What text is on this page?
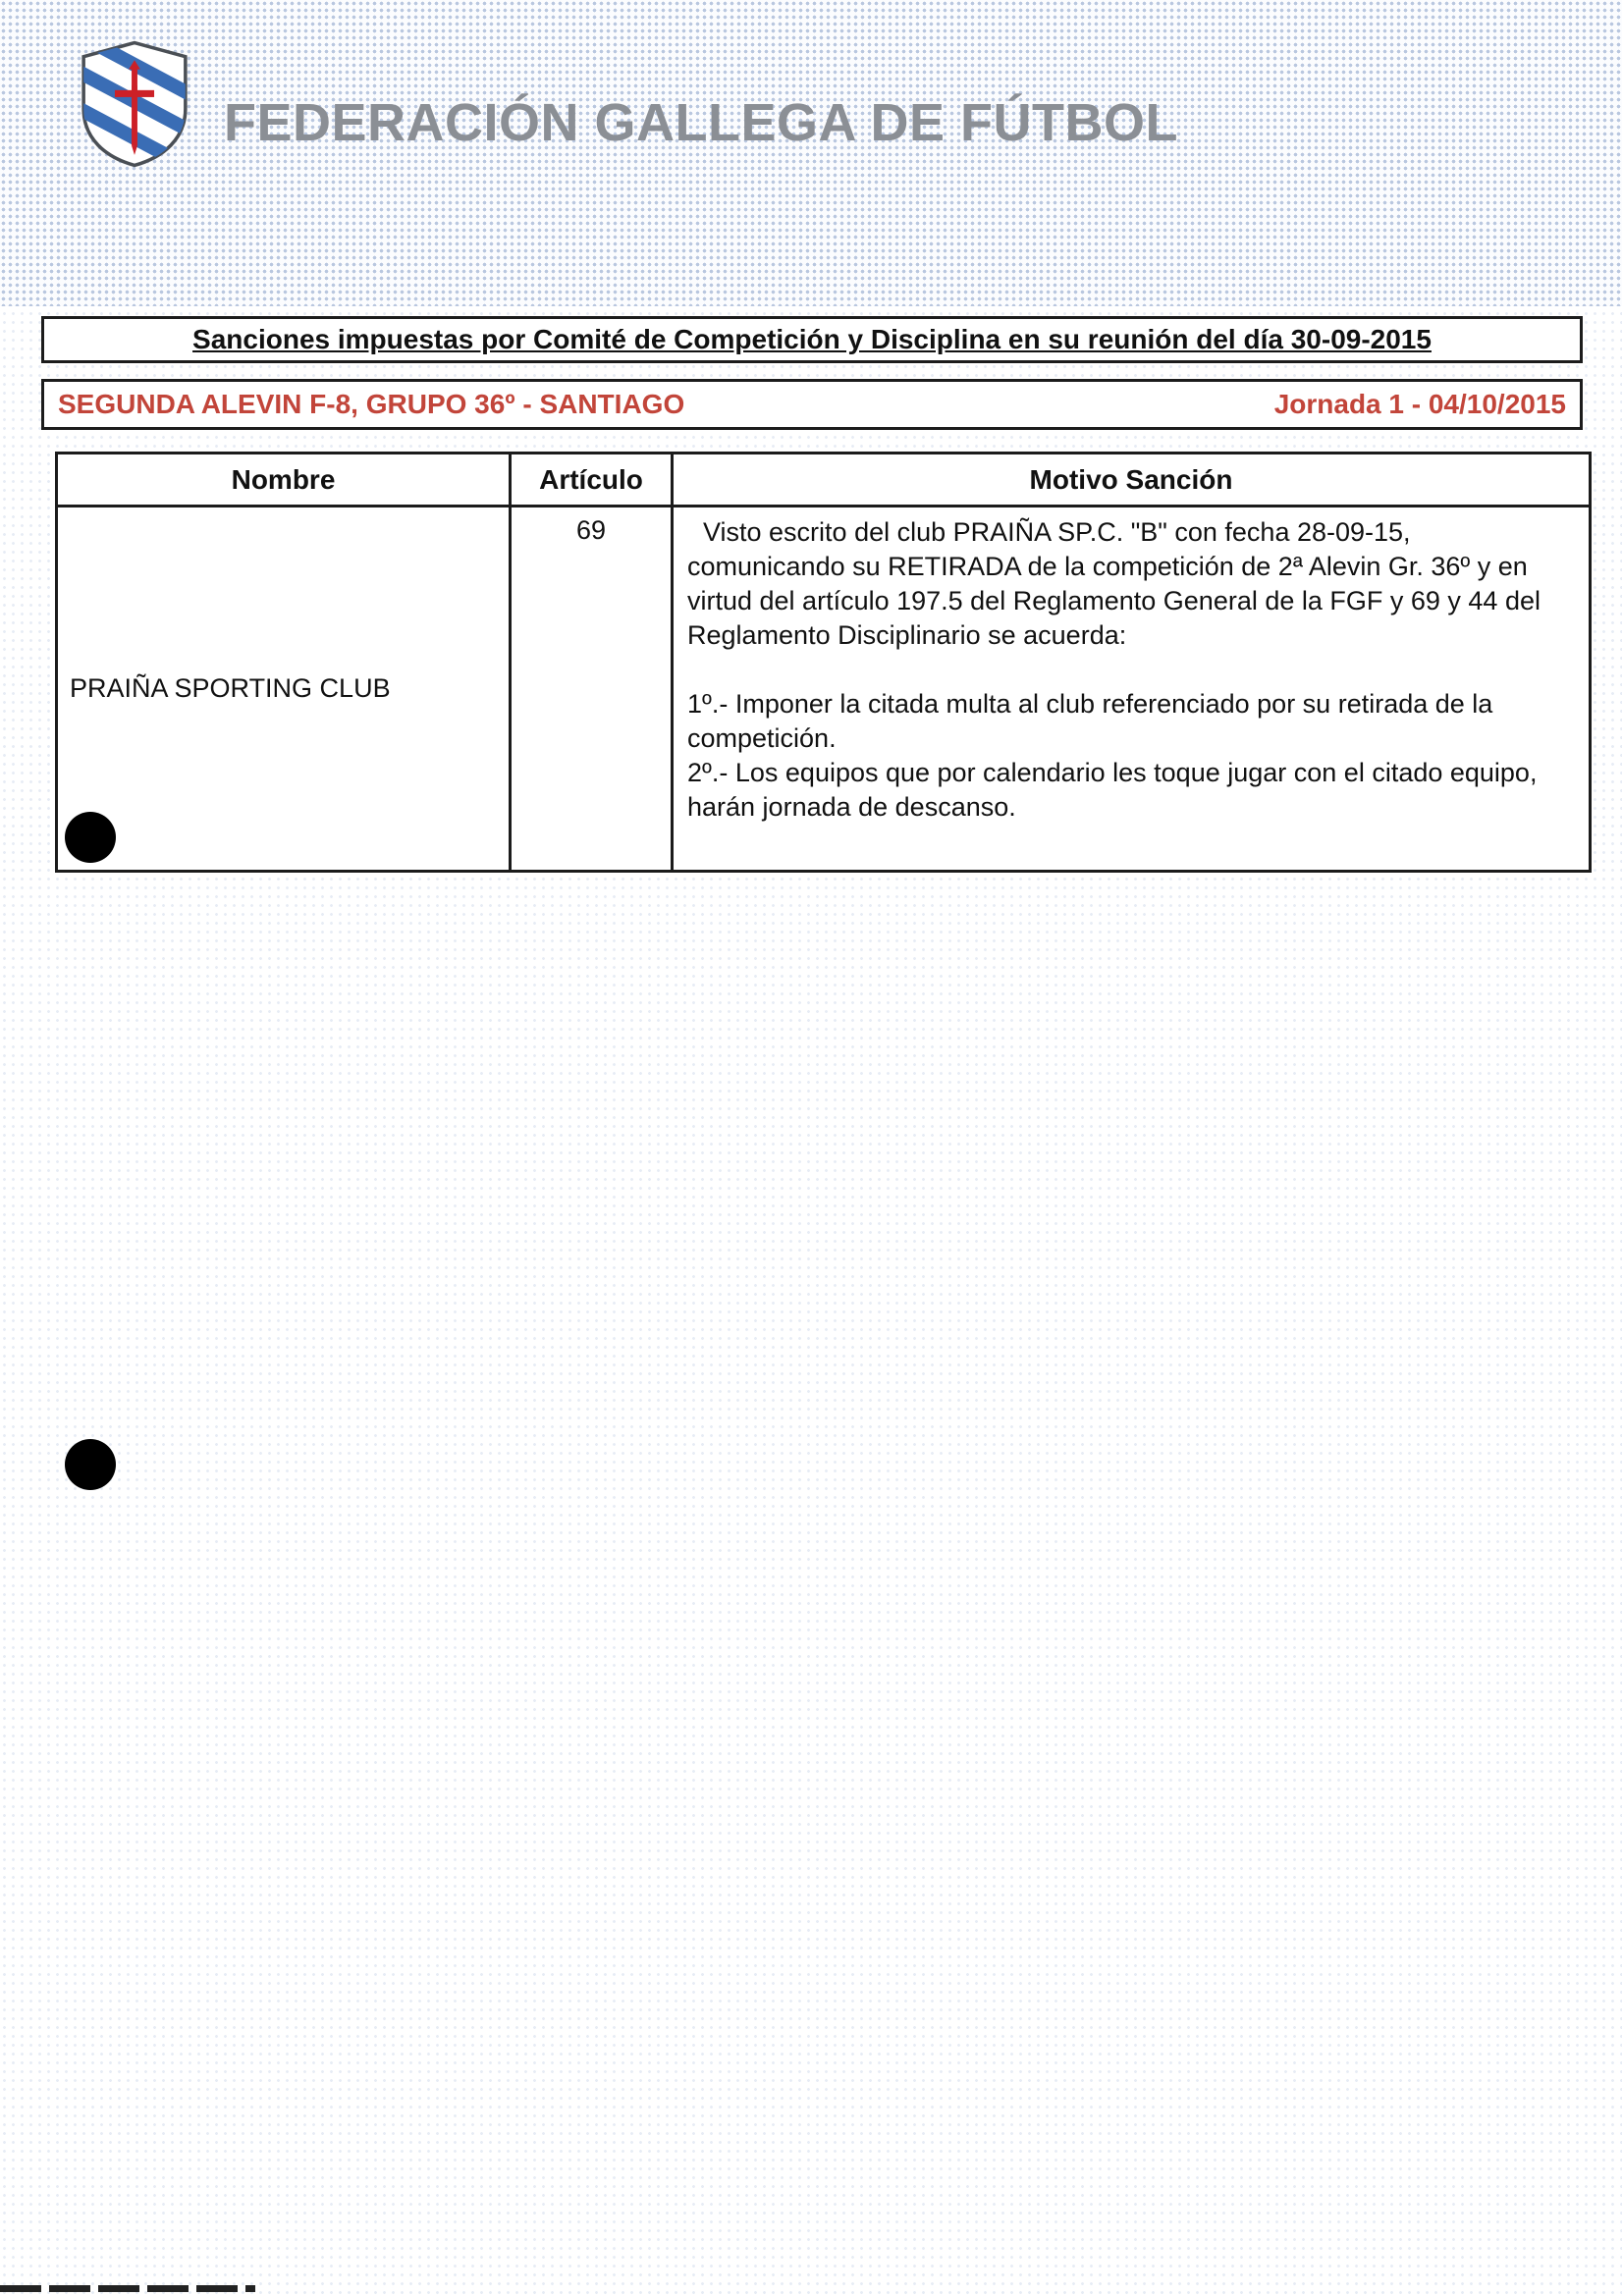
FEDERACIÓN GALLEGA DE FÚTBOL
Sanciones impuestas por Comité de Competición y Disciplina en su reunión del día 30-09-2015
SEGUNDA ALEVIN F-8, GRUPO 36º - SANTIAGO	Jornada 1 - 04/10/2015
Nombre	Artículo	Motivo Sanción
PRAIÑA SPORTING CLUB	69	Visto escrito del club PRAIÑA SP.C. "B" con fecha 28-09-15, comunicando su RETIRADA de la competición de 2ª Alevin Gr. 36º y en virtud del artículo 197.5 del Reglamento General de la FGF y 69 y 44 del Reglamento Disciplinario se acuerda:

1º.- Imponer la citada multa al club referenciado por su retirada de la competición.

2º.- Los equipos que por calendario les toque jugar con el citado equipo, harán jornada de descanso.
